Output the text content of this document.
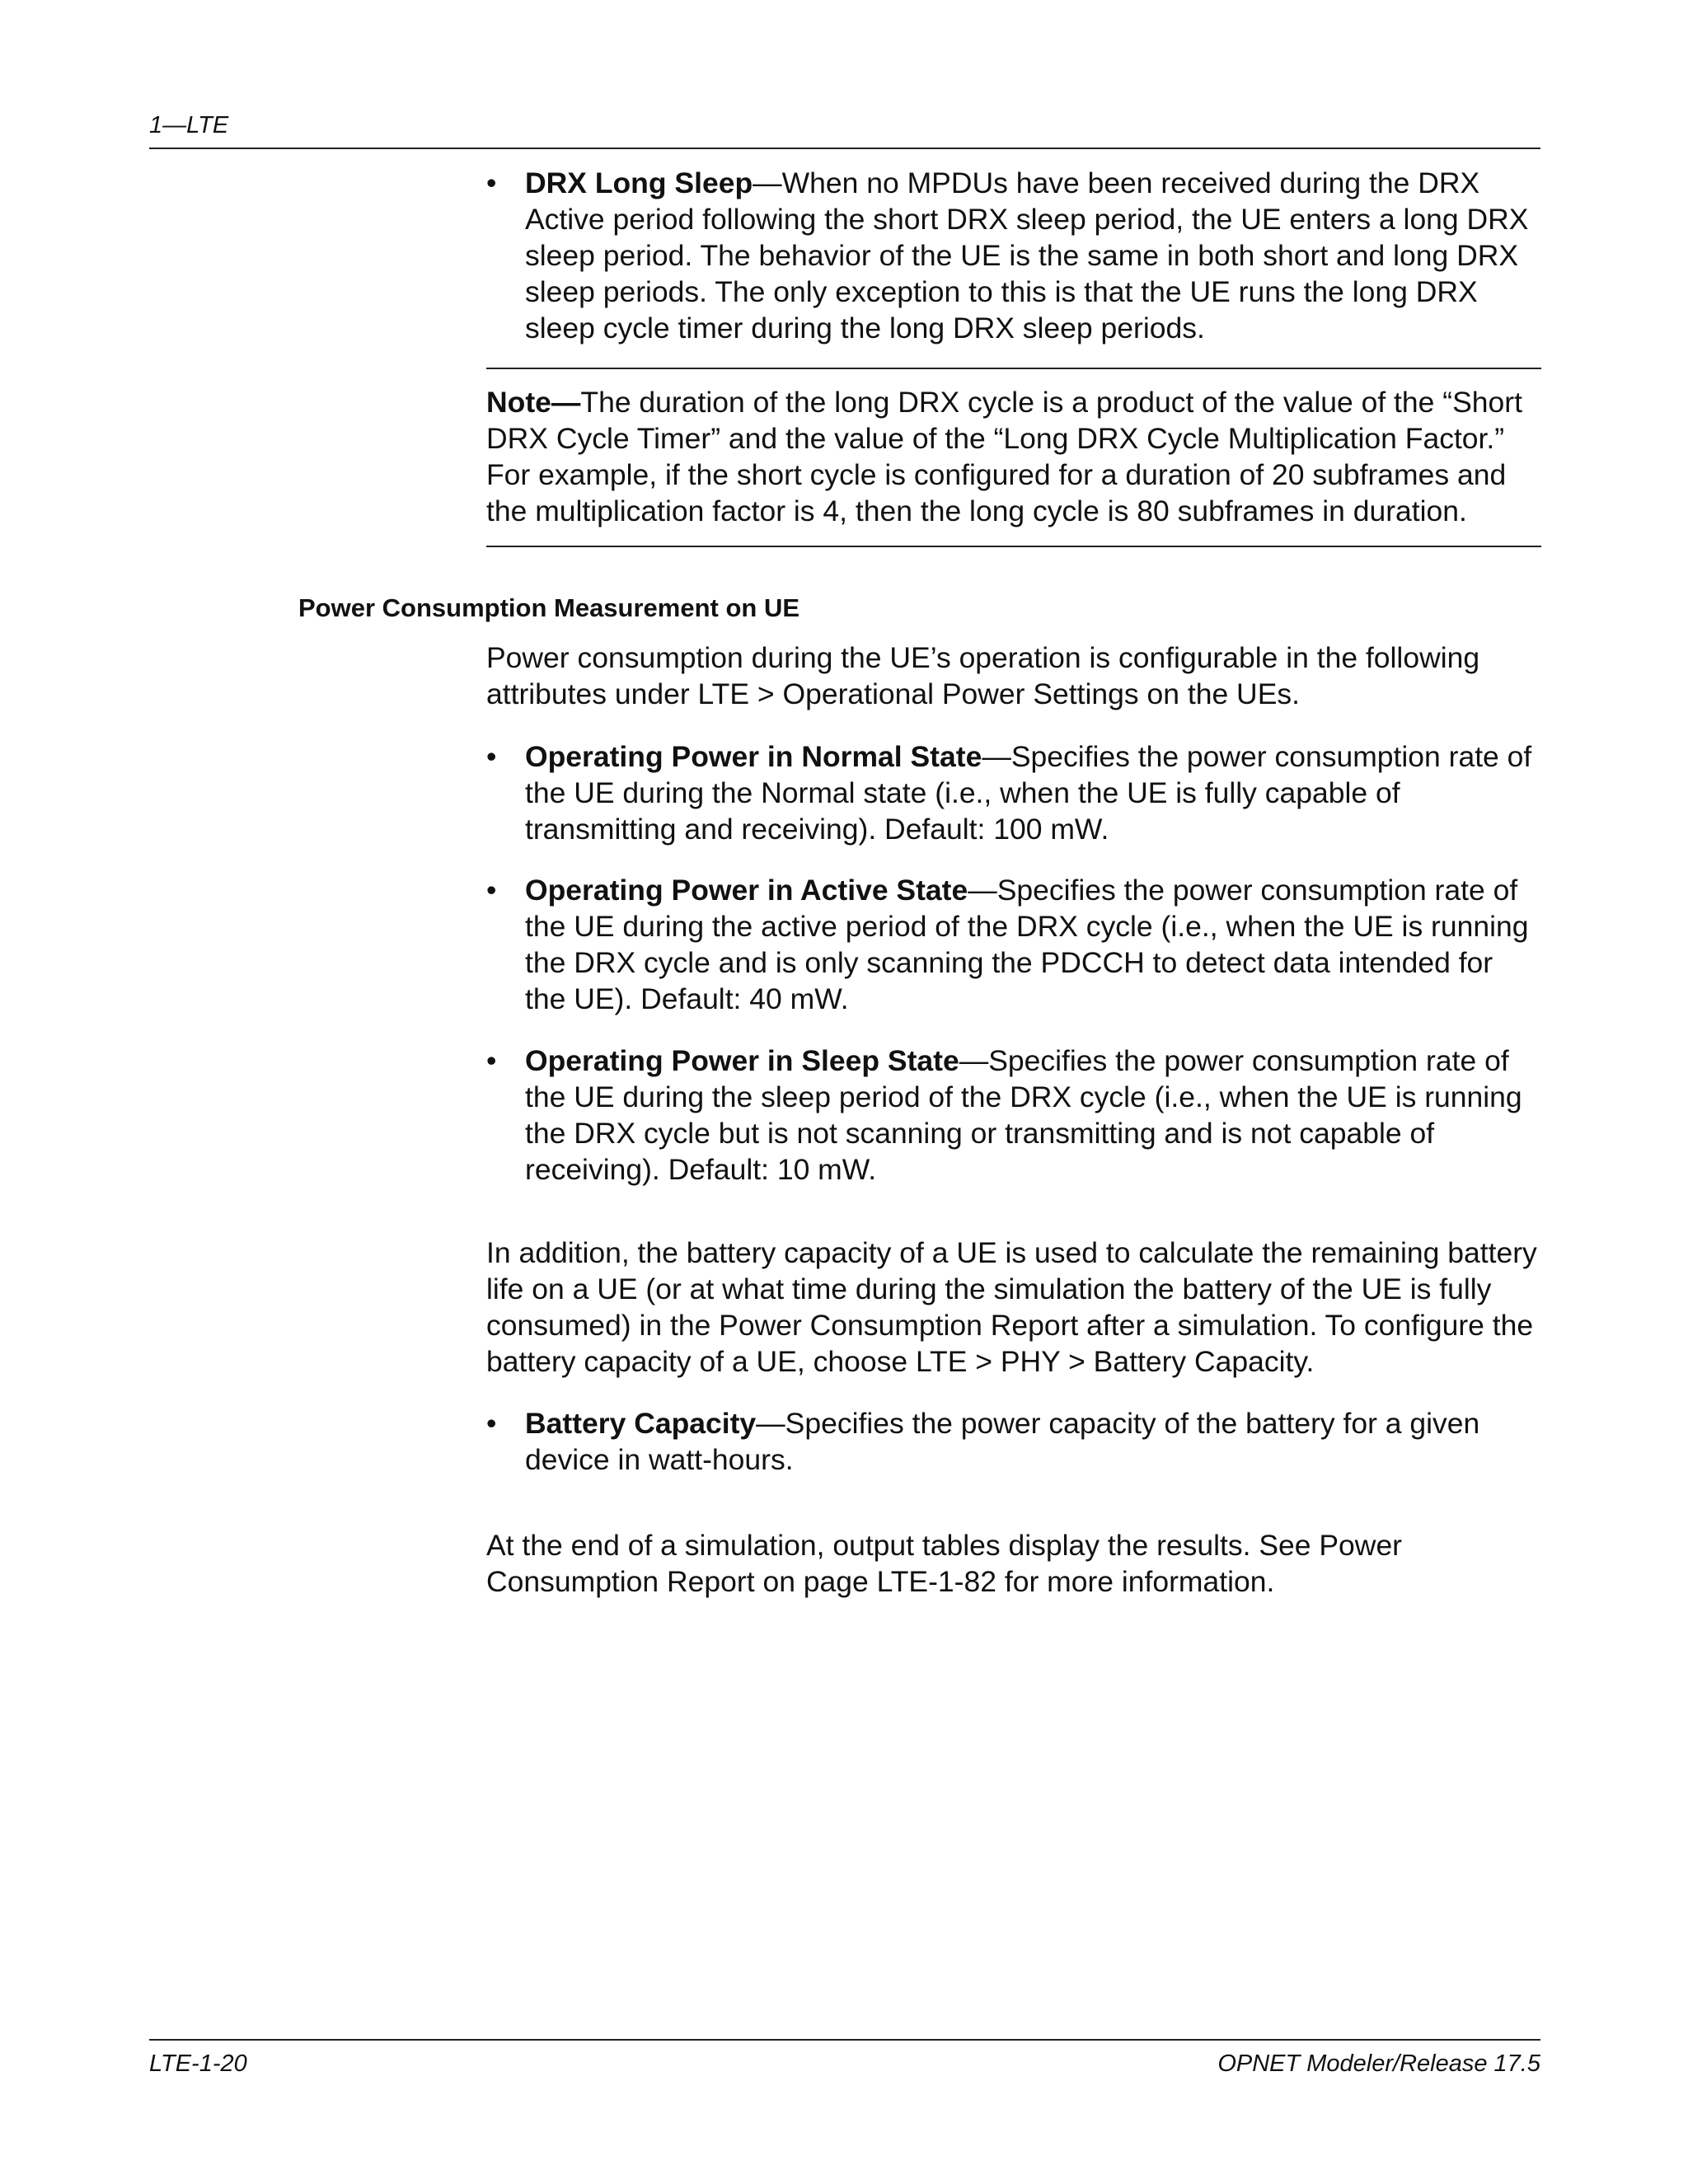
1—LTE
• DRX Long Sleep—When no MPDUs have been received during the DRX Active period following the short DRX sleep period, the UE enters a long DRX sleep period. The behavior of the UE is the same in both short and long DRX sleep periods. The only exception to this is that the UE runs the long DRX sleep cycle timer during the long DRX sleep periods.

Note—The duration of the long DRX cycle is a product of the value of the “Short DRX Cycle Timer” and the value of the “Long DRX Cycle Multiplication Factor.” For example, if the short cycle is configured for a duration of 20 subframes and the multiplication factor is 4, then the long cycle is 80 subframes in duration.

Power Consumption Measurement on UE

Power consumption during the UE’s operation is configurable in the following attributes under LTE > Operational Power Settings on the UEs.

• Operating Power in Normal State—Specifies the power consumption rate of the UE during the Normal state (i.e., when the UE is fully capable of transmitting and receiving). Default: 100 mW.

• Operating Power in Active State—Specifies the power consumption rate of the UE during the active period of the DRX cycle (i.e., when the UE is running the DRX cycle and is only scanning the PDCCH to detect data intended for the UE). Default: 40 mW.

• Operating Power in Sleep State—Specifies the power consumption rate of the UE during the sleep period of the DRX cycle (i.e., when the UE is running the DRX cycle but is not scanning or transmitting and is not capable of receiving). Default: 10 mW.

In addition, the battery capacity of a UE is used to calculate the remaining battery life on a UE (or at what time during the simulation the battery of the UE is fully consumed) in the Power Consumption Report after a simulation. To configure the battery capacity of a UE, choose LTE > PHY > Battery Capacity.

• Battery Capacity—Specifies the power capacity of the battery for a given device in watt-hours.

At the end of a simulation, output tables display the results. See Power Consumption Report on page LTE-1-82 for more information.

LTE-1-20	OPNET Modeler/Release 17.5
